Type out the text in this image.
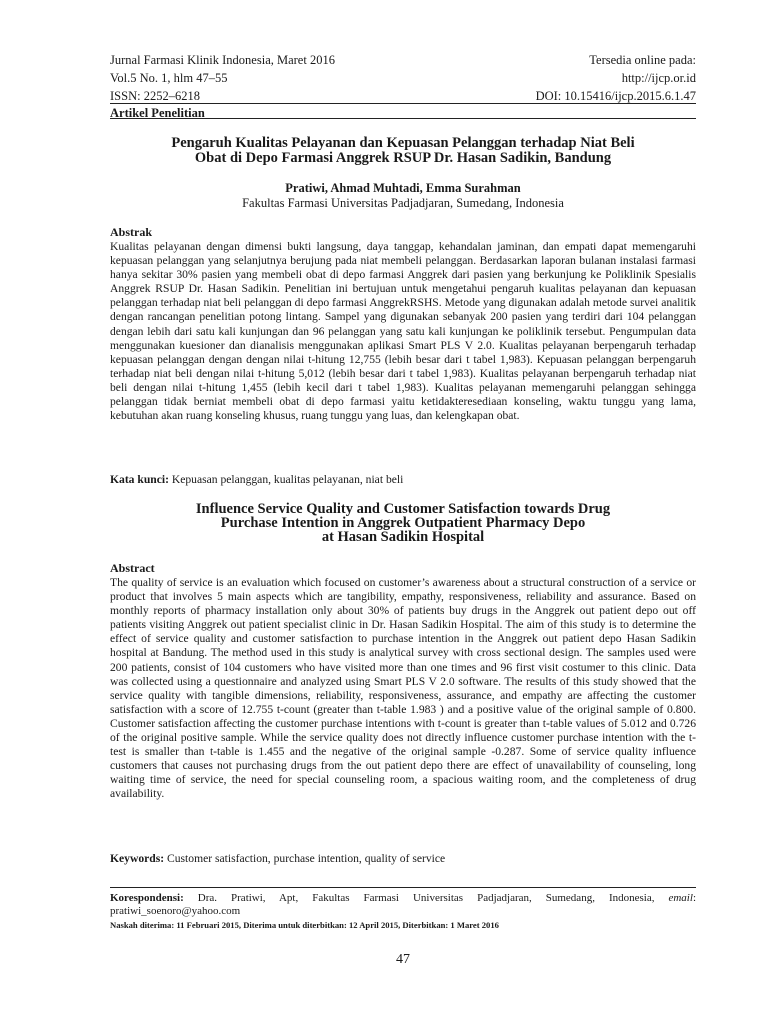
Jurnal Farmasi Klinik Indonesia, Maret 2016	Tersedia online pada:
Vol.5 No. 1, hlm 47–55	http://ijcp.or.id
ISSN: 2252–6218	DOI: 10.15416/ijcp.2015.6.1.47
Artikel Penelitian
Pengaruh Kualitas Pelayanan dan Kepuasan Pelanggan terhadap Niat Beli
Obat di Depo Farmasi Anggrek RSUP Dr. Hasan Sadikin, Bandung
Pratiwi, Ahmad Muhtadi, Emma Surahman
Fakultas Farmasi Universitas Padjadjaran, Sumedang, Indonesia
Abstrak

Kualitas pelayanan dengan dimensi bukti langsung, daya tanggap, kehandalan jaminan, dan empati dapat memengaruhi kepuasan pelanggan yang selanjutnya berujung pada niat membeli pelanggan. Berdasarkan laporan bulanan instalasi farmasi hanya sekitar 30% pasien yang membeli obat di depo farmasi Anggrek dari pasien yang berkunjung ke Poliklinik Spesialis Anggrek RSUP Dr. Hasan Sadikin. Penelitian ini bertujuan untuk mengetahui pengaruh kualitas pelayanan dan kepuasan pelanggan terhadap niat beli pelanggan di depo farmasi AnggrekRSHS. Metode yang digunakan adalah metode survei analitik dengan rancangan penelitian potong lintang. Sampel yang digunakan sebanyak 200 pasien yang terdiri dari 104 pelanggan dengan lebih dari satu kali kunjungan dan 96 pelanggan yang satu kali kunjungan ke poliklinik tersebut. Pengumpulan data menggunakan kuesioner dan dianalisis menggunakan aplikasi Smart PLS V 2.0. Kualitas pelayanan berpengaruh terhadap kepuasan pelanggan dengan dengan nilai t-hitung 12,755 (lebih besar dari t tabel 1,983). Kepuasan pelanggan berpengaruh terhadap niat beli dengan nilai t-hitung 5,012 (lebih besar dari t tabel 1,983). Kualitas pelayanan berpengaruh terhadap niat beli dengan nilai t-hitung 1,455 (lebih kecil dari t tabel 1,983). Kualitas pelayanan memengaruhi pelanggan sehingga pelanggan tidak berniat membeli obat di depo farmasi yaitu ketidakteresediaan konseling, waktu tunggu yang lama, kebutuhan akan ruang konseling khusus, ruang tunggu yang luas, dan kelengkapan obat.

Kata kunci: Kepuasan pelanggan, kualitas pelayanan, niat beli
Influence Service Quality and Customer Satisfaction towards Drug
Purchase Intention in Anggrek Outpatient Pharmacy Depo
at Hasan Sadikin Hospital
Abstract

The quality of service is an evaluation which focused on customer’s awareness about a structural construction of a service or product that involves 5 main aspects which are tangibility, empathy, responsiveness, reliability and assurance. Based on monthly reports of pharmacy installation only about 30% of patients buy drugs in the Anggrek out patient depo out off patients visiting Anggrek out patient specialist clinic in Dr. Hasan Sadikin Hospital. The aim of this study is to determine the effect of service quality and customer satisfaction to purchase intention in the Anggrek out patient depo Hasan Sadikin hospital at Bandung. The method used in this study is analytical survey with cross sectional design. The samples used were 200 patients, consist of 104 customers who have visited more than one times and 96 first visit costumer to this clinic. Data was collected using a questionnaire and analyzed using Smart PLS V 2.0 software. The results of this study showed that the service quality with tangible dimensions, reliability, responsiveness, assurance, and empathy are affecting the customer satisfaction with a score of 12.755 t-count (greater than t-table 1.983 ) and a positive value of the original sample of 0.800. Customer satisfaction affecting the customer purchase intentions with t-count is greater than t-table values of 5.012 and 0.726 of the original positive sample. While the service quality does not directly influence customer purchase intention with the t-test is smaller than t-table is 1.455 and the negative of the original sample -0.287. Some of service quality influence customers that causes not purchasing drugs from the out patient depo there are effect of unavailability of counseling, long waiting time of service, the need for special counseling room, a spacious waiting room, and the completeness of drug availability.

Keywords: Customer satisfaction, purchase intention, quality of service
Korespondensi: Dra. Pratiwi, Apt, Fakultas Farmasi Universitas Padjadjaran, Sumedang, Indonesia, email: pratiwi_soenoro@yahoo.com
Naskah diterima: 11 Februari 2015, Diterima untuk diterbitkan: 12 April 2015, Diterbitkan: 1 Maret 2016
47
